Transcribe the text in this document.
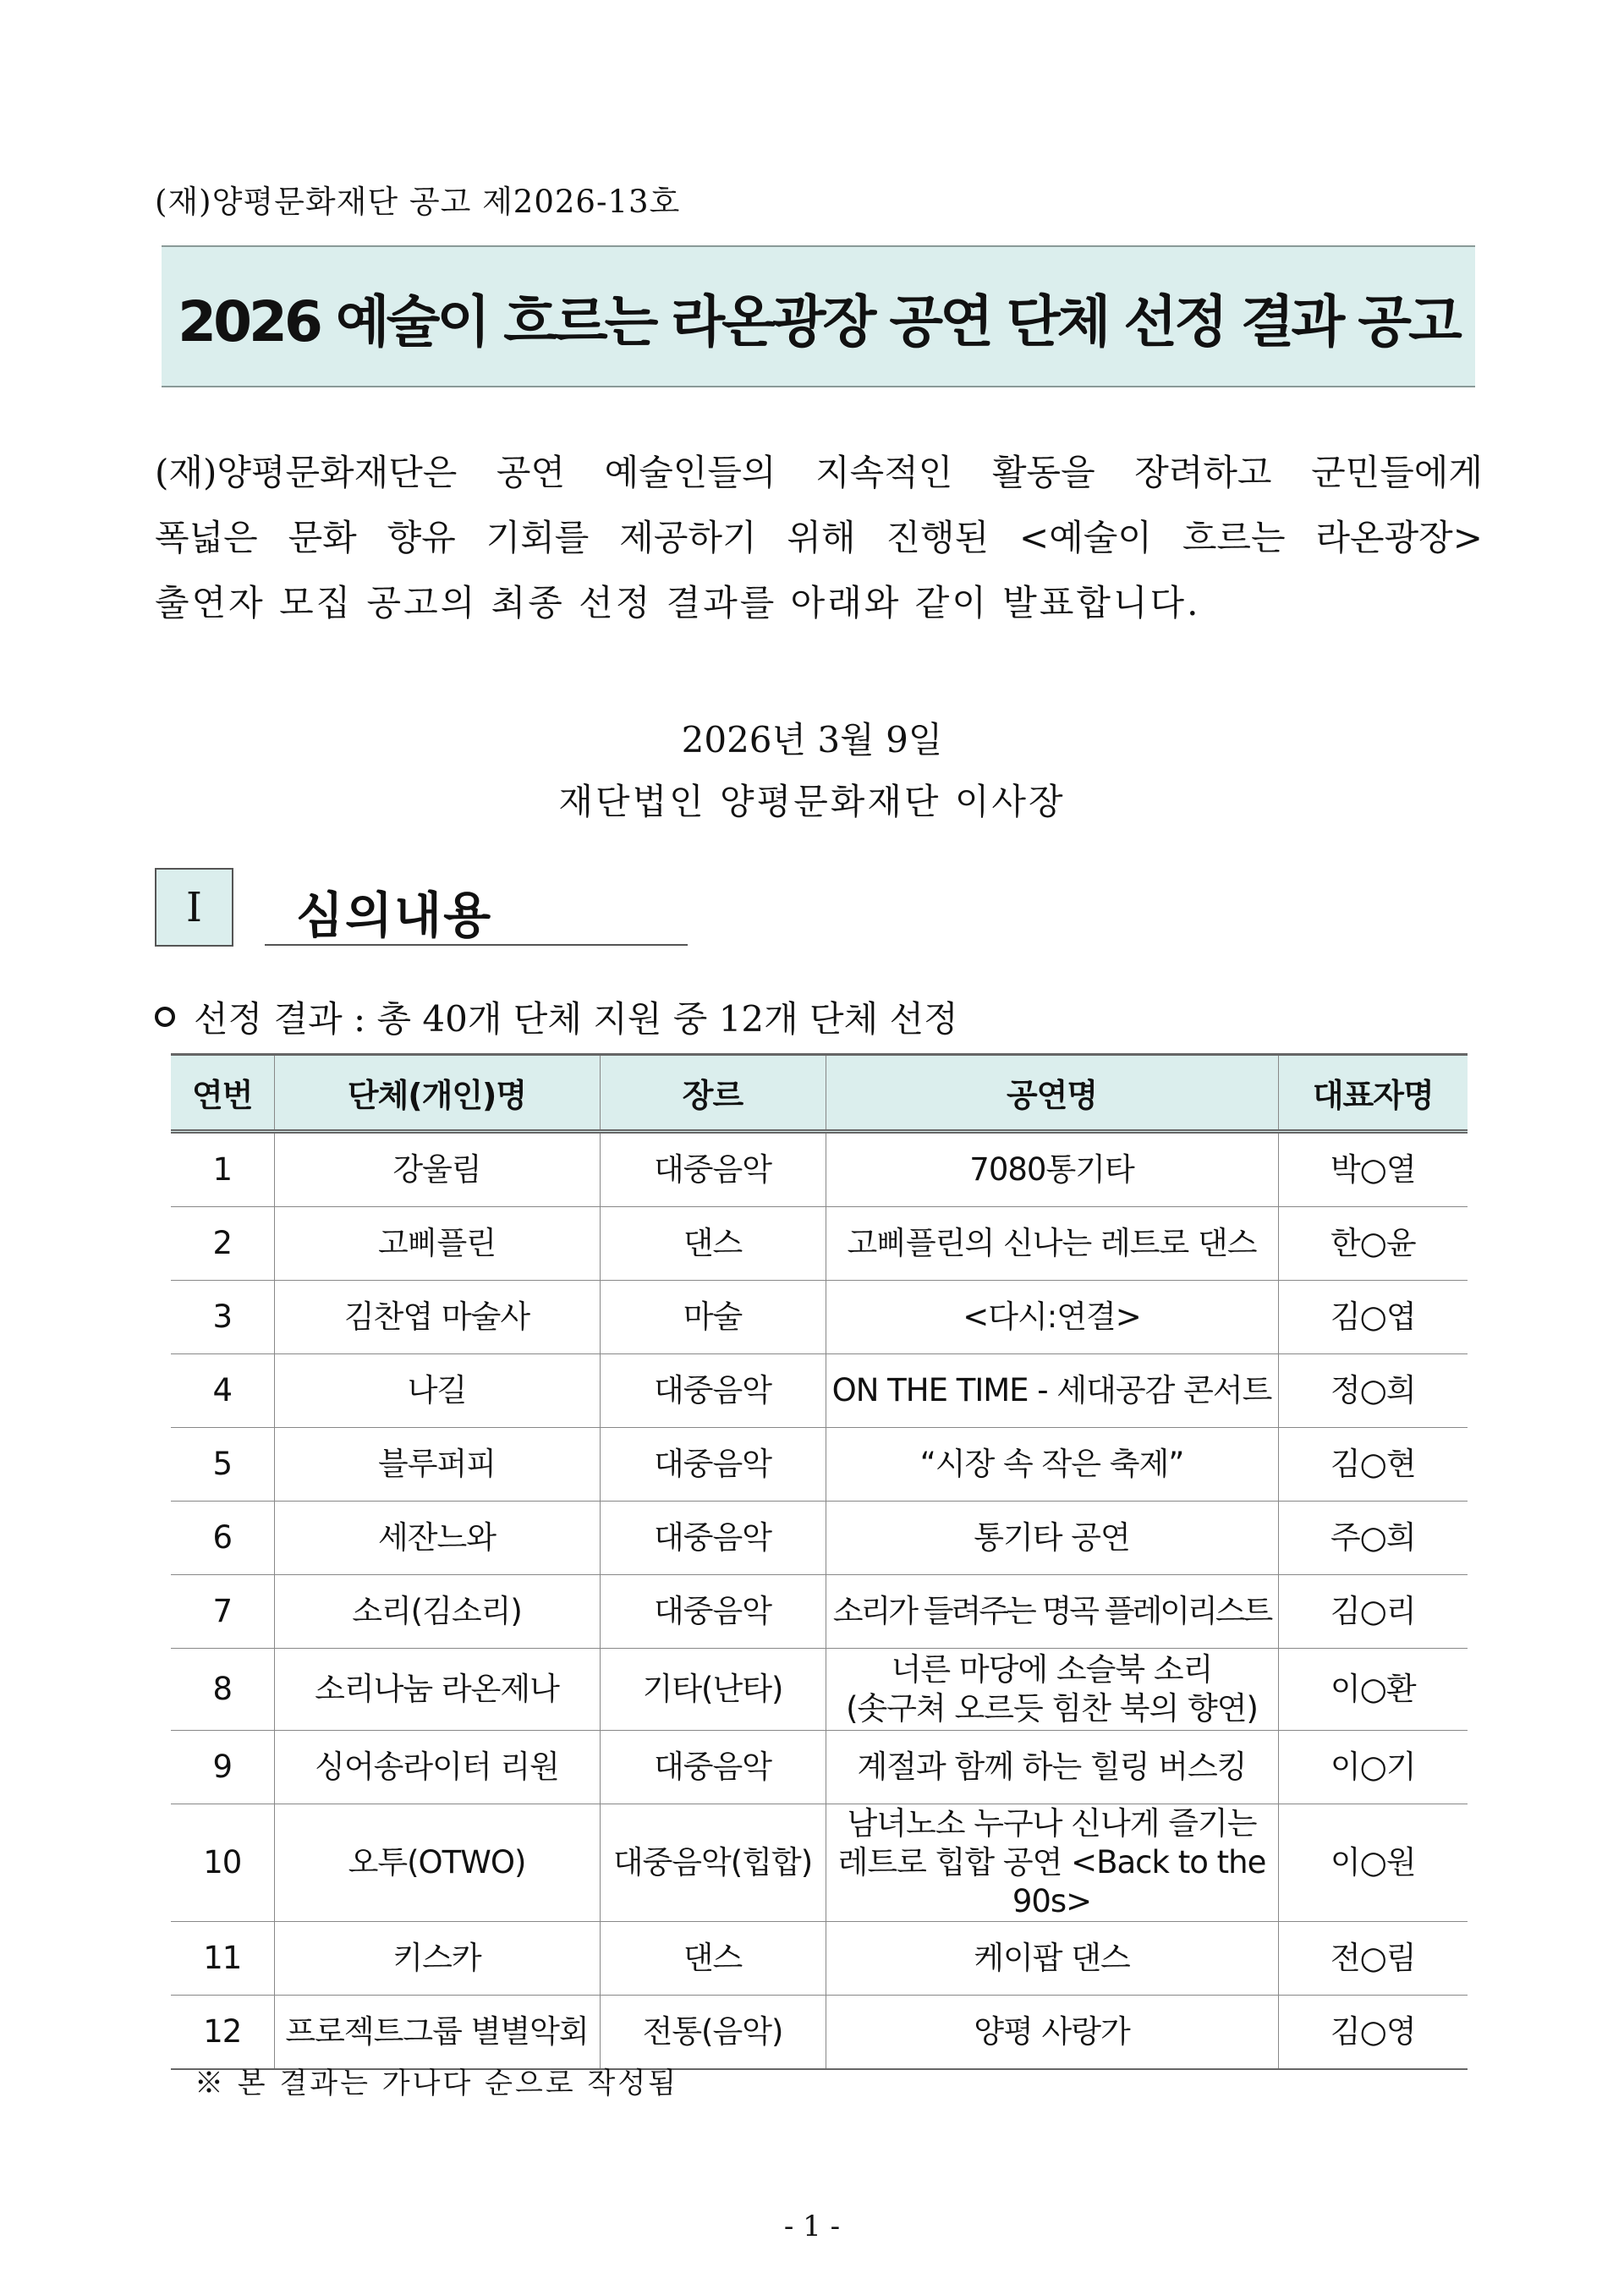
(재)양평문화재단 공고 제2026-13호
2026 예술이 흐르는 라온광장 공연 단체 선정 결과 공고
(재)양평문화재단은 공연 예술인들의 지속적인 활동을 장려하고 군민들에게
폭넓은 문화 향유 기회를 제공하기 위해 진행된 <예술이 흐르는 라온광장>
출연자 모집 공고의 최종 선정 결과를 아래와 같이 발표합니다.
2026년 3월 9일
재단법인 양평문화재단 이사장
Ⅰ	심의내용
선정 결과 : 총 40개 단체 지원 중 12개 단체 선정
연번	단체(개인)명	장르	공연명	대표자명
1	강울림	대중음악	7080통기타	박○열
2	고삐플린	댄스	고삐플린의 신나는 레트로 댄스	한○윤
3	김찬엽 마술사	마술	<다시:연결>	김○엽
4	나길	대중음악	ON THE TIME - 세대공감 콘서트	정○희
5	블루퍼피	대중음악	“시장 속 작은 축제”	김○현
6	세잔느와	대중음악	통기타 공연	주○희
7	소리(김소리)	대중음악	소리가 들려주는 명곡 플레이리스트	김○리
8	소리나눔 라온제나	기타(난타)	너른 마당에 소슬북 소리
(솟구쳐 오르듯 힘찬 북의 향연)	이○환
9	싱어송라이터 리원	대중음악	계절과 함께 하는 힐링 버스킹	이○기
10	오투(OTWO)	대중음악(힙합)	남녀노소 누구나 신나게 즐기는
레트로 힙합 공연 <Back to the 90s>	이○원
11	키스카	댄스	케이팝 댄스	전○림
12	프로젝트그룹 별별악회	전통(음악)	양평 사랑가	김○영
※ 본 결과는 가나다 순으로 작성됨
- 1 -
